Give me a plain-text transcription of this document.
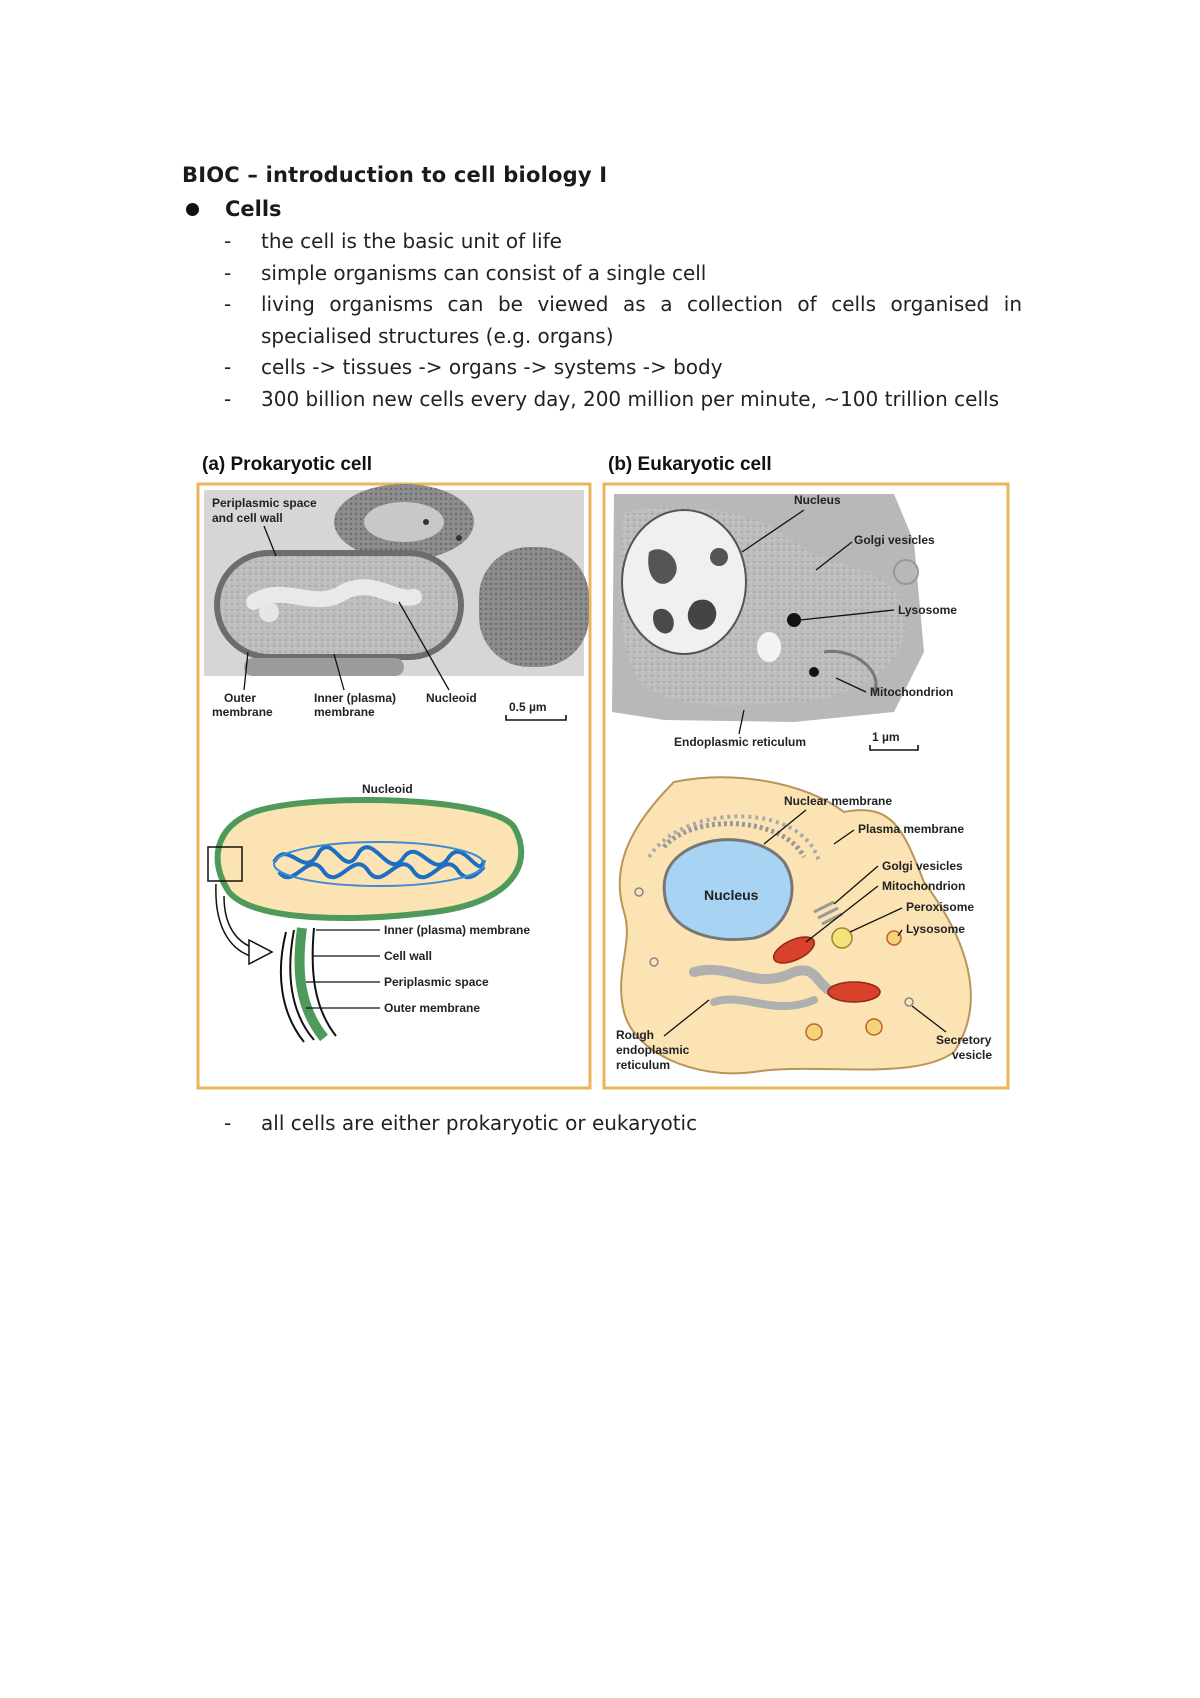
BIOC – introduction to cell biology I
Cells
- the cell is the basic unit of life
- simple organisms can consist of a single cell
- living organisms can be viewed as a collection of cells organised in specialised structures (e.g. organs)
- cells -> tissues -> organs -> systems -> body
- 300 billion new cells every day, 200 million per minute, ~100 trillion cells
(a) Prokaryotic cell	(b) Eukaryotic cell
Periplasmic space
and cell wall
Outer
membrane
Inner (plasma)
membrane
Nucleoid
0.5 µm
Nucleoid
Inner (plasma) membrane
Cell wall
Periplasmic space
Outer membrane
Nucleus
Golgi vesicles
Lysosome
Mitochondrion
Endoplasmic reticulum	1 µm
Nucleus
Nuclear membrane
Plasma membrane
Golgi vesicles
Mitochondrion
Peroxisome
Lysosome
Rough
endoplasmic
reticulum
Secretory
vesicle
- all cells are either prokaryotic or eukaryotic
